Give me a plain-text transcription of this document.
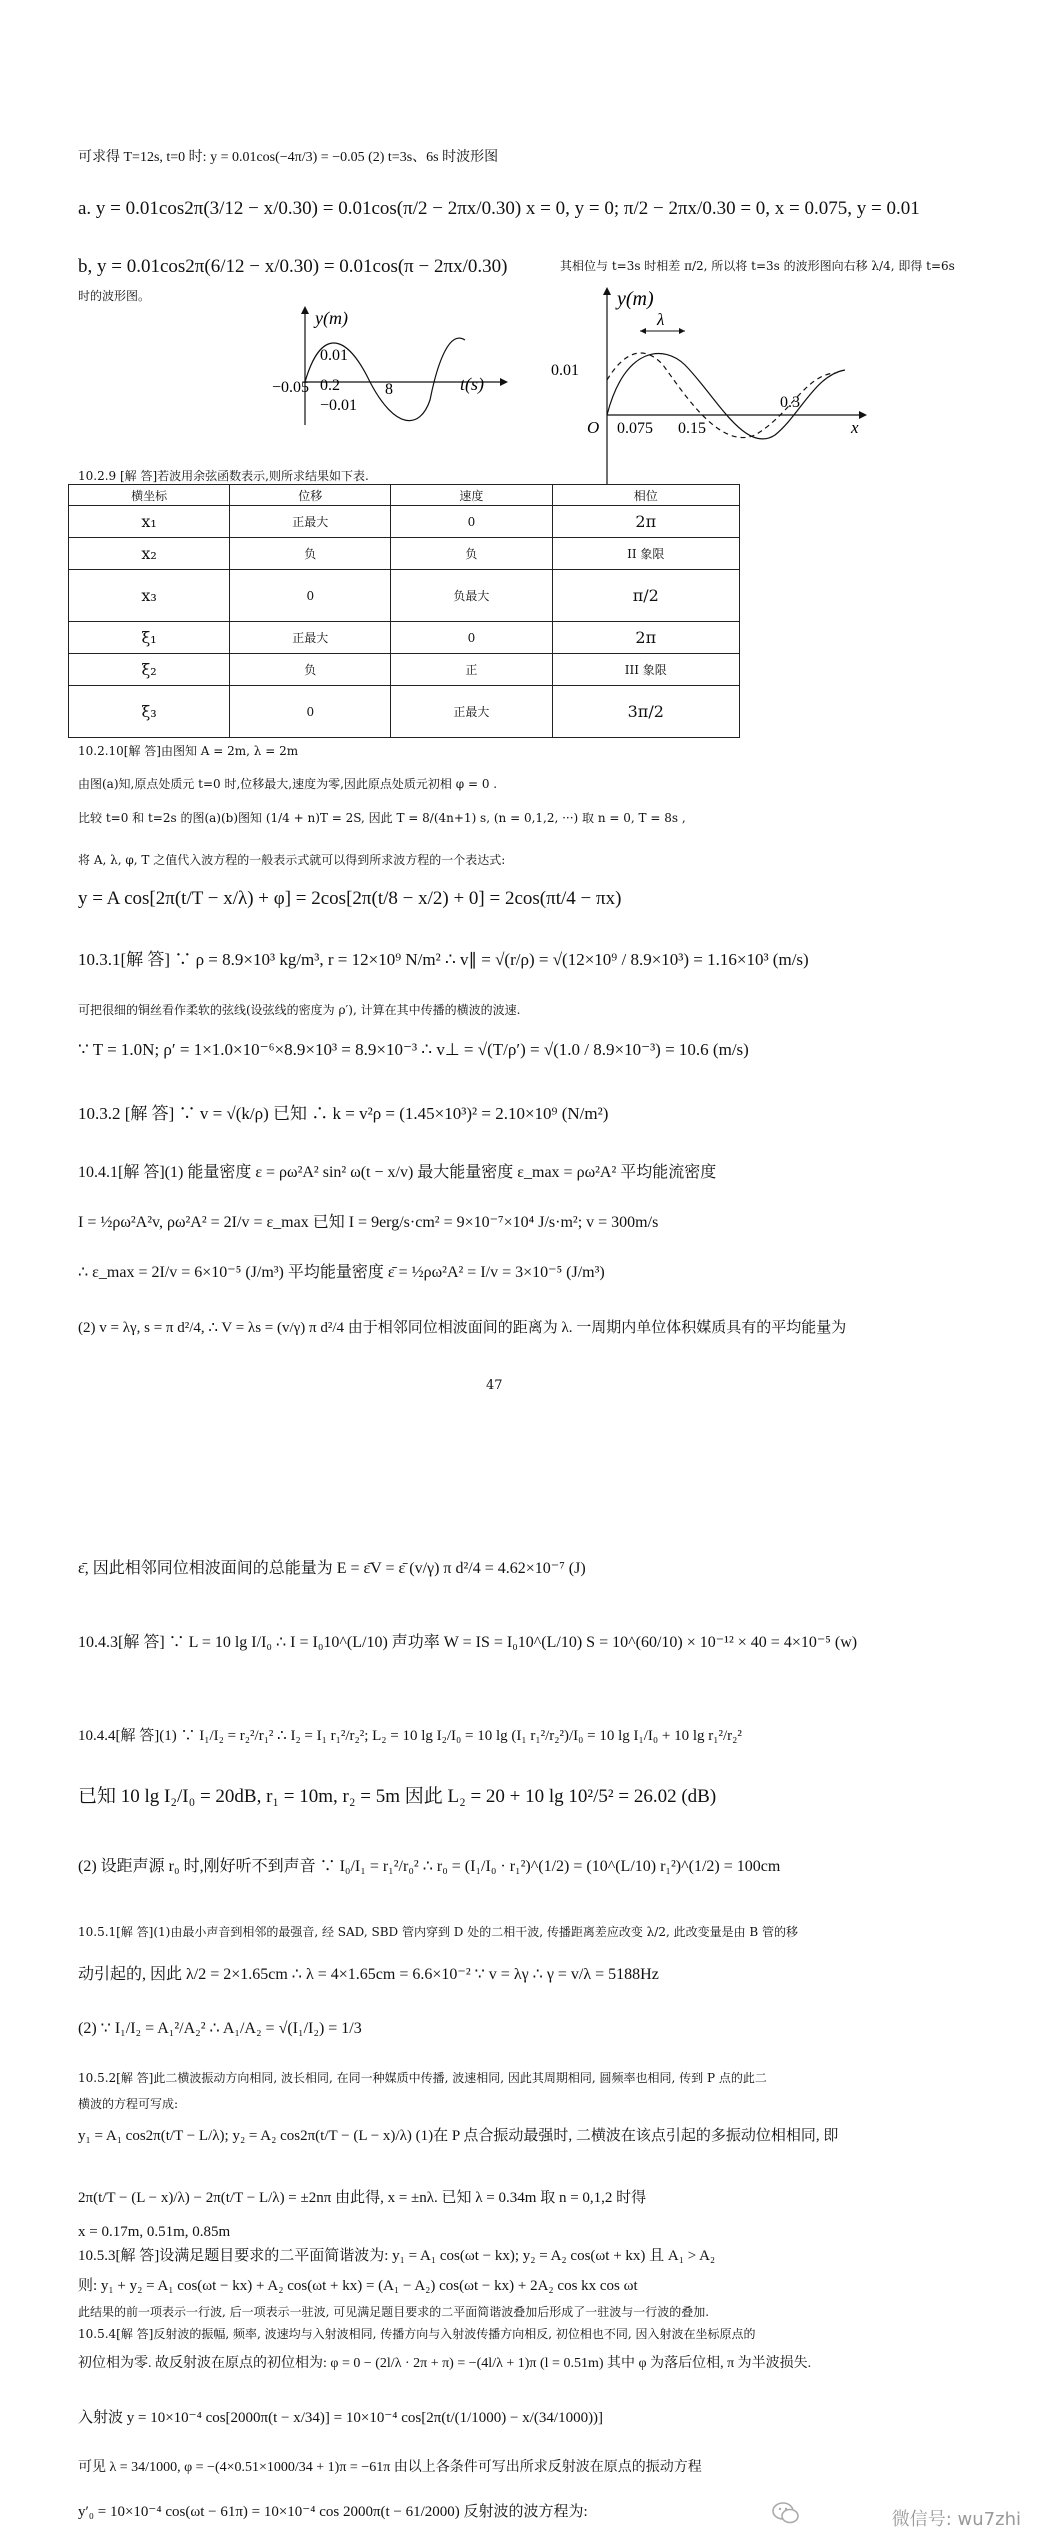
可求得 T=12s, t=0 时: y = 0.01cos(−4π/3) = −0.05 (2) t=3s、6s 时波形图
a. y = 0.01cos2π(3/12 − x/0.30) = 0.01cos(π/2 − 2πx/0.30) x = 0, y = 0; π/2 − 2πx/0.30 = 0, x = 0.075, y = 0.01
b, y = 0.01cos2π(6/12 − x/0.30) = 0.01cos(π − 2πx/0.30)	其相位与 t=3s 时相差 π/2, 所以将 t=3s 的波形图向右移 λ/4, 即得 t=6s
时的波形图。
y(m)
t(s)
0.01
−0.05 0.2
−0.01
8
λ
y(m)
x
O
0.01
0.075 0.15
0.3
10.2.9 [解 答]若波用余弦函数表示,则所求结果如下表.
横坐标	位移	速度	相位
x₁	正最大	0	2π
x₂	负	负	II 象限
x₃	0	负最大	π/2
ξ₁	正最大	0	2π
ξ₂	负	正	III 象限
ξ₃	0	正最大	3π/2
10.2.10[解 答]由图知 A = 2m, λ = 2m
由图(a)知,原点处质元 t=0 时,位移最大,速度为零,因此原点处质元初相 φ = 0 .
比较 t=0 和 t=2s 的图(a)(b)图知 (1/4 + n)T = 2S, 因此 T = 8/(4n+1) s, (n = 0,1,2, ···) 取 n = 0, T = 8s ,
将 A, λ, φ, T 之值代入波方程的一般表示式就可以得到所求波方程的一个表达式:
y = A cos[2π(t/T − x/λ) + φ] = 2cos[2π(t/8 − x/2) + 0] = 2cos(πt/4 − πx)
10.3.1[解 答] ∵ ρ = 8.9×10³ kg/m³, r = 12×10⁹ N/m² ∴ v∥ = √(r/ρ) = √(12×10⁹ / 8.9×10³) = 1.16×10³ (m/s)
可把很细的铜丝看作柔软的弦线(设弦线的密度为 ρ′), 计算在其中传播的横波的波速.
∵ T = 1.0N; ρ′ = 1×1.0×10⁻⁶×8.9×10³ = 8.9×10⁻³ ∴ v⊥ = √(T/ρ′) = √(1.0 / 8.9×10⁻³) = 10.6 (m/s)
10.3.2 [解 答] ∵ v = √(k/ρ) 已知 ∴ k = v²ρ = (1.45×10³)² = 2.10×10⁹ (N/m²)
10.4.1[解 答](1) 能量密度 ε = ρω²A² sin² ω(t − x/v) 最大能量密度 ε_max = ρω²A² 平均能流密度
I = ½ρω²A²v, ρω²A² = 2I/v = ε_max 已知 I = 9erg/s·cm² = 9×10⁻⁷×10⁴ J/s·m²; v = 300m/s
∴ ε_max = 2I/v = 6×10⁻⁵ (J/m³) 平均能量密度 ε̄ = ½ρω²A² = I/v = 3×10⁻⁵ (J/m³)
(2) v = λγ, s = π d²/4, ∴ V = λs = (v/γ) π d²/4 由于相邻同位相波面间的距离为 λ. 一周期内单位体积媒质具有的平均能量为
47
ε̄, 因此相邻同位相波面间的总能量为 E = ε̄V = ε̄ (v/γ) π d²/4 = 4.62×10⁻⁷ (J)
10.4.3[解 答] ∵ L = 10 lg I/I₀ ∴ I = I₀10^(L/10) 声功率 W = IS = I₀10^(L/10) S = 10^(60/10) × 10⁻¹² × 40 = 4×10⁻⁵ (w)
10.4.4[解 答](1) ∵ I₁/I₂ = r₂²/r₁² ∴ I₂ = I₁ r₁²/r₂²; L₂ = 10 lg I₂/I₀ = 10 lg (I₁ r₁²/r₂²)/I₀ = 10 lg I₁/I₀ + 10 lg r₁²/r₂²
已知 10 lg I₂/I₀ = 20dB, r₁ = 10m, r₂ = 5m 因此 L₂ = 20 + 10 lg 10²/5² = 26.02 (dB)
(2) 设距声源 r₀ 时,刚好听不到声音 ∵ I₀/I₁ = r₁²/r₀² ∴ r₀ = (I₁/I₀ · r₁²)^(1/2) = (10^(L/10) r₁²)^(1/2) = 100cm
10.5.1[解 答](1)由最小声音到相邻的最强音, 经 SAD, SBD 管内穿到 D 处的二相干波, 传播距离差应改变 λ/2, 此改变量是由 B 管的移
动引起的, 因此 λ/2 = 2×1.65cm ∴ λ = 4×1.65cm = 6.6×10⁻² ∵ v = λγ ∴ γ = v/λ = 5188Hz
(2) ∵ I₁/I₂ = A₁²/A₂² ∴ A₁/A₂ = √(I₁/I₂) = 1/3
10.5.2[解 答]此二横波振动方向相同, 波长相同, 在同一种媒质中传播, 波速相同, 因此其周期相同, 圆频率也相同, 传到 P 点的此二
横波的方程可写成:
y₁ = A₁ cos2π(t/T − L/λ); y₂ = A₂ cos2π(t/T − (L − x)/λ) (1)在 P 点合振动最强时, 二横波在该点引起的多振动位相相同, 即
2π(t/T − (L − x)/λ) − 2π(t/T − L/λ) = ±2nπ 由此得, x = ±nλ. 已知 λ = 0.34m 取 n = 0,1,2 时得
x = 0.17m, 0.51m, 0.85m
10.5.3[解 答]设满足题目要求的二平面简谐波为: y₁ = A₁ cos(ωt − kx); y₂ = A₂ cos(ωt + kx) 且 A₁ > A₂
则: y₁ + y₂ = A₁ cos(ωt − kx) + A₂ cos(ωt + kx) = (A₁ − A₂) cos(ωt − kx) + 2A₂ cos kx cos ωt
此结果的前一项表示一行波, 后一项表示一驻波, 可见满足题目要求的二平面简谐波叠加后形成了一驻波与一行波的叠加.
10.5.4[解 答]反射波的振幅, 频率, 波速均与入射波相同, 传播方向与入射波传播方向相反, 初位相也不同, 因入射波在坐标原点的
初位相为零. 故反射波在原点的初位相为: φ = 0 − (2l/λ · 2π + π) = −(4l/λ + 1)π (l = 0.51m) 其中 φ 为落后位相, π 为半波损失.
入射波 y = 10×10⁻⁴ cos[2000π(t − x/34)] = 10×10⁻⁴ cos[2π(t/(1/1000) − x/(34/1000))]
可见 λ = 34/1000, φ = −(4×0.51×1000/34 + 1)π = −61π 由以上各条件可写出所求反射波在原点的振动方程
y′₀ = 10×10⁻⁴ cos(ωt − 61π) = 10×10⁻⁴ cos 2000π(t − 61/2000) 反射波的波方程为:	微信号: wu7zhi
